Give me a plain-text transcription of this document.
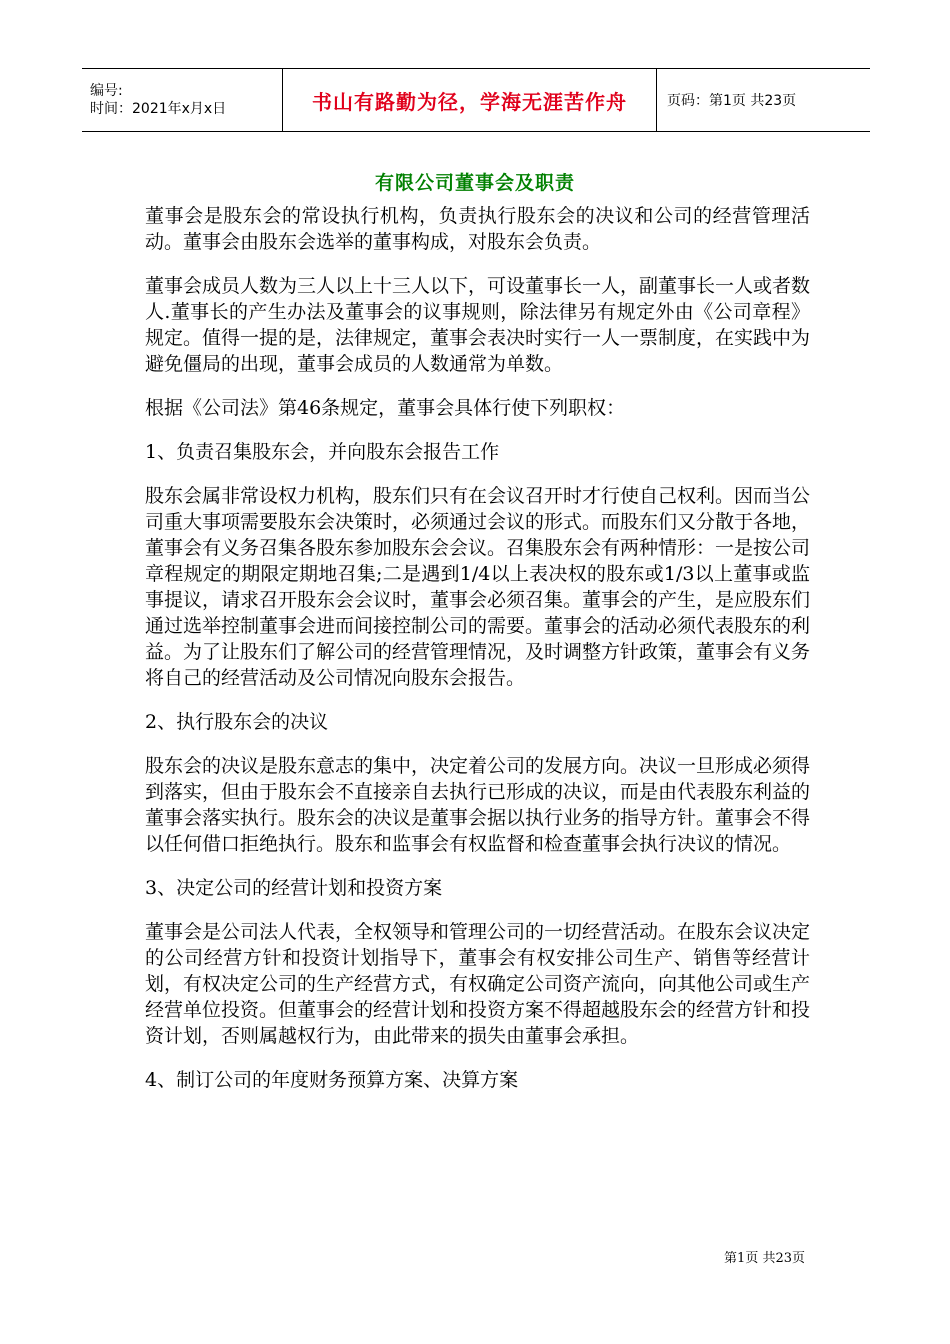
编号:
时间：2021年x月x日	书山有路勤为径，学海无涯苦作舟	页码：第1页 共23页
有限公司董事会及职责

董事会是股东会的常设执行机构，负责执行股东会的决议和公司的经营管理活动。董事会由股东会选举的董事构成，对股东会负责。

董事会成员人数为三人以上十三人以下，可设董事长一人，副董事长一人或者数人.董事长的产生办法及董事会的议事规则，除法律另有规定外由《公司章程》规定。值得一提的是，法律规定，董事会表决时实行一人一票制度，在实践中为避免僵局的出现，董事会成员的人数通常为单数。

根据《公司法》第46条规定，董事会具体行使下列职权：

1、负责召集股东会，并向股东会报告工作

股东会属非常设权力机构，股东们只有在会议召开时才行使自己权利。因而当公司重大事项需要股东会决策时，必须通过会议的形式。而股东们又分散于各地，董事会有义务召集各股东参加股东会会议。召集股东会有两种情形：一是按公司章程规定的期限定期地召集;二是遇到1/4以上表决权的股东或1/3以上董事或监事提议，请求召开股东会会议时，董事会必须召集。董事会的产生，是应股东们通过选举控制董事会进而间接控制公司的需要。董事会的活动必须代表股东的利益。为了让股东们了解公司的经营管理情况，及时调整方针政策，董事会有义务将自己的经营活动及公司情况向股东会报告。

2、执行股东会的决议

股东会的决议是股东意志的集中，决定着公司的发展方向。决议一旦形成必须得到落实，但由于股东会不直接亲自去执行已形成的决议，而是由代表股东利益的董事会落实执行。股东会的决议是董事会据以执行业务的指导方针。董事会不得以任何借口拒绝执行。股东和监事会有权监督和检查董事会执行决议的情况。

3、决定公司的经营计划和投资方案

董事会是公司法人代表，全权领导和管理公司的一切经营活动。在股东会议决定的公司经营方针和投资计划指导下，董事会有权安排公司生产、销售等经营计划，有权决定公司的生产经营方式，有权确定公司资产流向，向其他公司或生产经营单位投资。但董事会的经营计划和投资方案不得超越股东会的经营方针和投资计划，否则属越权行为，由此带来的损失由董事会承担。

4、制订公司的年度财务预算方案、决算方案

第1页 共23页
